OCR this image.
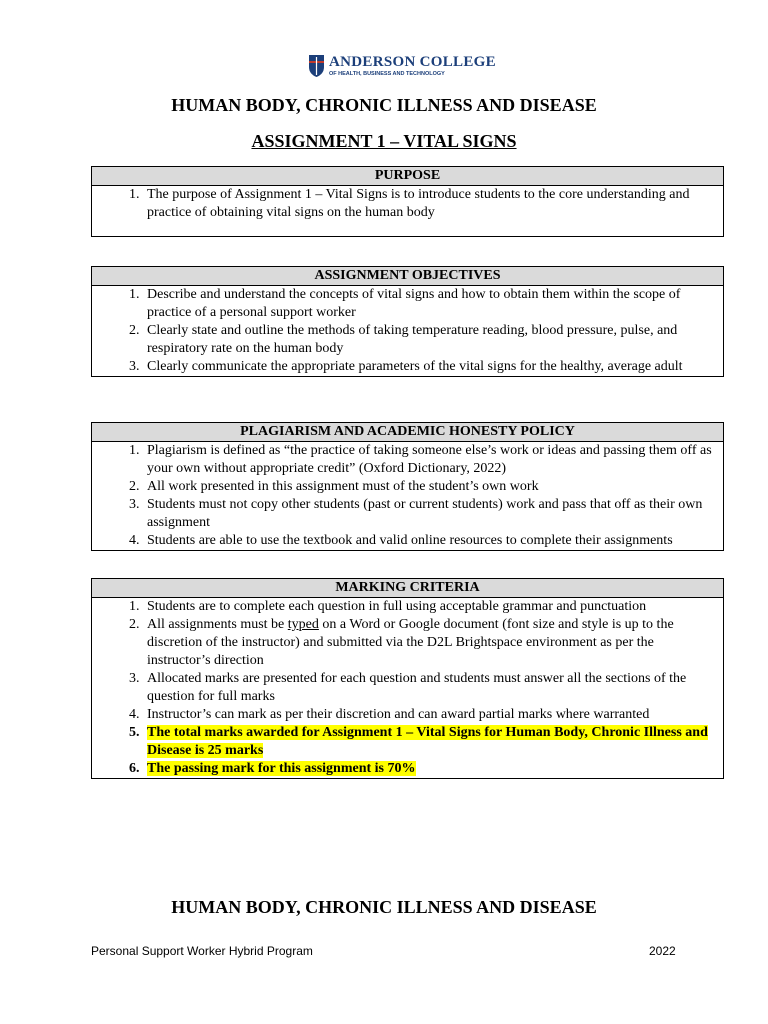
ANDERSON COLLEGE
OF HEALTH, BUSINESS AND TECHNOLOGY
HUMAN BODY, CHRONIC ILLNESS AND DISEASE
ASSIGNMENT 1 – VITAL SIGNS
PURPOSE

1. The purpose of Assignment 1 – Vital Signs is to introduce students to the core understanding and practice of obtaining vital signs on the human body
ASSIGNMENT OBJECTIVES

1. Describe and understand the concepts of vital signs and how to obtain them within the scope of practice of a personal support worker
2. Clearly state and outline the methods of taking temperature reading, blood pressure, pulse, and respiratory rate on the human body
3. Clearly communicate the appropriate parameters of the vital signs for the healthy, average adult
PLAGIARISM AND ACADEMIC HONESTY POLICY

1. Plagiarism is defined as “the practice of taking someone else’s work or ideas and passing them off as your own without appropriate credit” (Oxford Dictionary, 2022)
2. All work presented in this assignment must of the student’s own work
3. Students must not copy other students (past or current students) work and pass that off as their own assignment
4. Students are able to use the textbook and valid online resources to complete their assignments
MARKING CRITERIA

1. Students are to complete each question in full using acceptable grammar and punctuation
2. All assignments must be typed on a Word or Google document (font size and style is up to the discretion of the instructor) and submitted via the D2L Brightspace environment as per the instructor’s direction
3. Allocated marks are presented for each question and students must answer all the sections of the question for full marks
4. Instructor’s can mark as per their discretion and can award partial marks where warranted
5. The total marks awarded for Assignment 1 – Vital Signs for Human Body, Chronic Illness and Disease is 25 marks
6. The passing mark for this assignment is 70%
HUMAN BODY, CHRONIC ILLNESS AND DISEASE
Personal Support Worker Hybrid Program	2022
